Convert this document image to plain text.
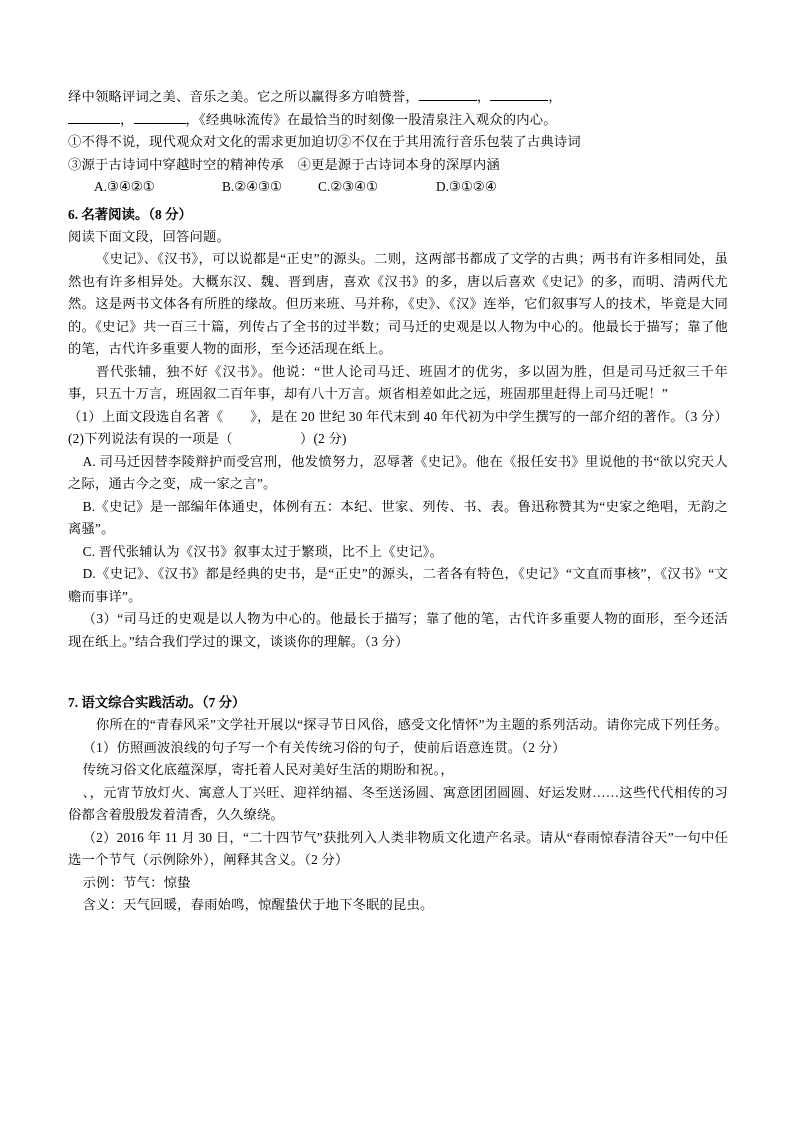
绎中领略评词之美、音乐之美。它之所以赢得多方咱赞誉，	，	，
，	，《经典咏流传》在最恰当的时刻像一股清泉注入观众的内心。
①不得不说，现代观众对文化的需求更加迫切②不仅在于其用流行音乐包装了古典诗词
③源于古诗词中穿越时空的精神传承　④更是源于古诗词本身的深厚内涵
A.③④②①	B.②④③①	C.②③④①	D.③①②④
6. 名著阅读。（8 分）
阅读下面文段，回答问题。
《史记》、《汉书》，可以说都是“正史”的源头。二则，这两部书都成了文学的古典；两书有许多相同处，虽然也有许多相异处。大概东汉、魏、晋到唐，喜欢《汉书》的多，唐以后喜欢《史记》的多，而明、清两代尤然。这是两书文体各有所胜的缘故。但历来班、马并称，《史》、《汉》连举，它们叙事写人的技术，毕竟是大同的。《史记》共一百三十篇，列传占了全书的过半数；司马迁的史观是以人物为中心的。他最长于描写；靠了他的笔，古代许多重要人物的面形，至今还活现在纸上。
晋代张辅，独不好《汉书》。他说：“世人论司马迁、班固才的优劣，多以固为胜，但是司马迁叙三千年事，只五十万言，班固叙二百年事，却有八十万言。烦省相差如此之远，班固那里赶得上司马迁呢！”
（1）上面文段选自名著《　　》，是在 20 世纪 30 年代末到 40 年代初为中学生撰写的一部介绍的著作。（3 分）
(2)下列说法有误的一项是（　　　　　）(2 分)
A. 司马迁因替李陵辩护而受宫刑，他发愤努力，忍辱著《史记》。他在《报任安书》里说他的书“欲以究天人之际，通古今之变，成一家之言”。
B.《史记》是一部编年体通史，体例有五：本纪、世家、列传、书、表。鲁迅称赞其为“史家之绝唱，无韵之离骚”。
C. 晋代张辅认为《汉书》叙事太过于繁琐，比不上《史记》。
D.《史记》、《汉书》都是经典的史书，是“正史”的源头，二者各有特色，《史记》“文直而事核”，《汉书》“文赡而事详”。
（3）“司马迁的史观是以人物为中心的。他最长于描写；靠了他的笔，古代许多重要人物的面形，至今还活现在纸上。”结合我们学过的课文，谈谈你的理解。（3 分）
7. 语文综合实践活动。（7 分）
你所在的“青春风采”文学社开展以“探寻节日风俗，感受文化情怀”为主题的系列活动。请你完成下列任务。
（1）仿照画波浪线的句子写一个有关传统习俗的句子，使前后语意连贯。（2 分）
传统习俗文化底蕴深厚，寄托着人民对美好生活的期盼和祝。，
、，元宵节放灯火、寓意人丁兴旺、迎祥纳福、冬至送汤圆、寓意团团圆圆、好运发财……这些代代相传的习俗都含着殷殷发着清香，久久缭绕。
（2）2016 年 11 月 30 日，“二十四节气”获批列入人类非物质文化遗产名录。请从“春雨惊春清谷天”一句中任选一个节气（示例除外），阐释其含义。（2 分）
示例：节气：惊蛰
含义：天气回暖，春雨始鸣，惊醒蛰伏于地下冬眠的昆虫。
